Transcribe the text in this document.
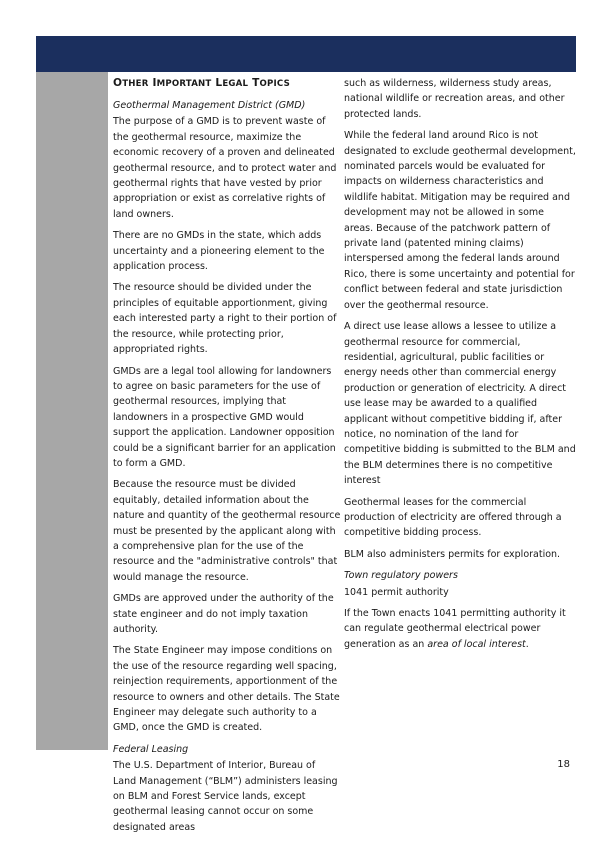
OTHER IMPORTANT LEGAL TOPICS

Geothermal Management District (GMD)

The purpose of a GMD is to prevent waste of the geothermal resource, maximize the economic recovery of a proven and delineated geothermal resource, and to protect water and geothermal rights that have vested by prior appropriation or exist as correlative rights of land owners.

There are no GMDs in the state, which adds uncertainty and a pioneering element to the application process.

The resource should be divided under the principles of equitable apportionment, giving each interested party a right to their portion of the resource, while protecting prior, appropriated rights.

GMDs are a legal tool allowing for landowners to agree on basic parameters for the use of geothermal resources, implying that landowners in a prospective GMD would support the application. Landowner opposition could be a significant barrier for an application to form a GMD.

Because the resource must be divided equitably, detailed information about the nature and quantity of the geothermal resource must be presented by the applicant along with a comprehensive plan for the use of the resource and the "administrative controls" that would manage the resource.

GMDs are approved under the authority of the state engineer and do not imply taxation authority.

The State Engineer may impose conditions on the use of the resource regarding well spacing, reinjection requirements, apportionment of the resource to owners and other details. The State Engineer may delegate such authority to a GMD, once the GMD is created.

Federal Leasing

The U.S. Department of Interior, Bureau of Land Management (“BLM”) administers leasing on BLM and Forest Service lands, except geothermal leasing cannot occur on some designated areas

such as wilderness, wilderness study areas, national wildlife or recreation areas, and other protected lands.

While the federal land around Rico is not designated to exclude geothermal development, nominated parcels would be evaluated for impacts on wilderness characteristics and wildlife habitat. Mitigation may be required and development may not be allowed in some areas. Because of the patchwork pattern of private land (patented mining claims) interspersed among the federal lands around Rico, there is some uncertainty and potential for conflict between federal and state jurisdiction over the geothermal resource.

A direct use lease allows a lessee to utilize a geothermal resource for commercial, residential, agricultural, public facilities or energy needs other than commercial energy production or generation of electricity. A direct use lease may be awarded to a qualified applicant without competitive bidding if, after notice, no nomination of the land for competitive bidding is submitted to the BLM and the BLM determines there is no competitive interest

Geothermal leases for the commercial production of electricity are offered through a competitive bidding process.

BLM also administers permits for exploration.

Town regulatory powers

1041 permit authority

If the Town enacts 1041 permitting authority it can regulate geothermal electrical power generation as an area of local interest.

18
